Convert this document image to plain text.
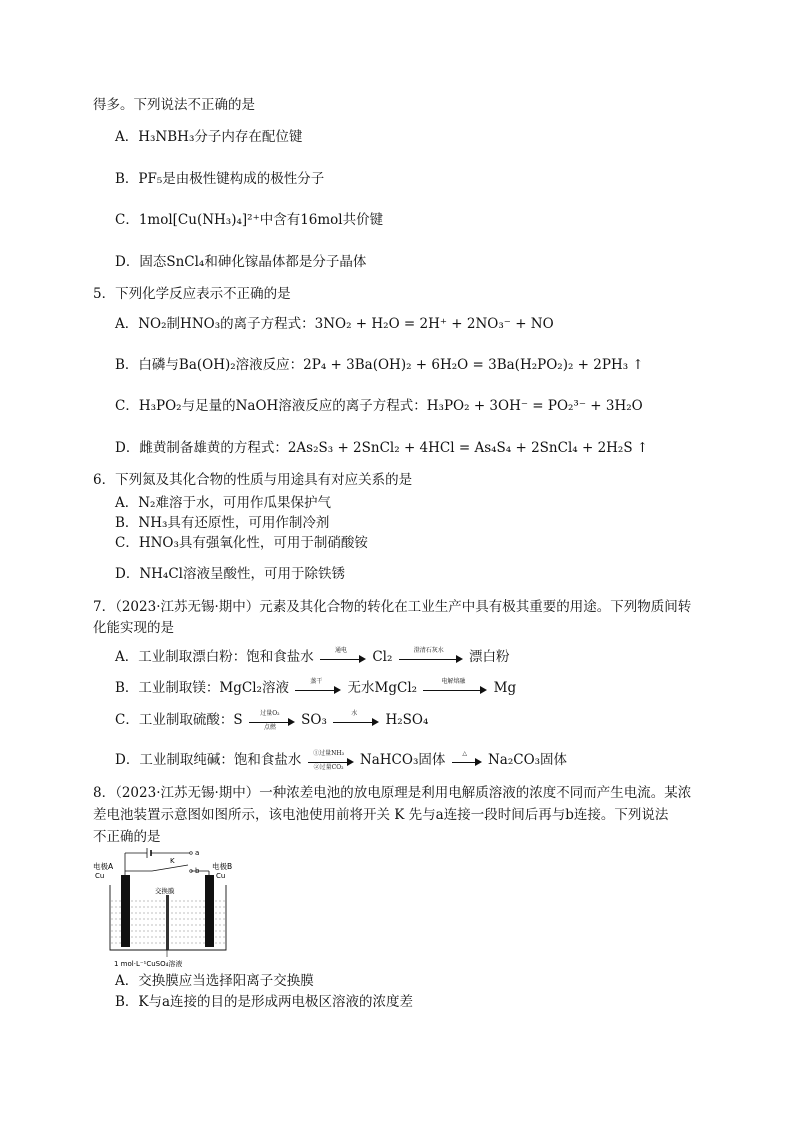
得多。下列说法不正确的是
A．H₃NBH₃分子内存在配位键
B．PF₅是由极性键构成的极性分子
C．1mol[Cu(NH₃)₄]²⁺中含有16mol共价键
D．固态SnCl₄和砷化镓晶体都是分子晶体
5．下列化学反应表示不正确的是
A．NO₂制HNO₃的离子方程式：3NO₂ + H₂O = 2H⁺ + 2NO₃⁻ + NO
B．白磷与Ba(OH)₂溶液反应：2P₄ + 3Ba(OH)₂ + 6H₂O = 3Ba(H₂PO₂)₂ + 2PH₃ ↑
C．H₃PO₂与足量的NaOH溶液反应的离子方程式：H₃PO₂ + 3OH⁻ = PO₂³⁻ + 3H₂O
D．雌黄制备雄黄的方程式：2As₂S₃ + 2SnCl₂ + 4HCl = As₄S₄ + 2SnCl₄ + 2H₂S ↑
6．下列氮及其化合物的性质与用途具有对应关系的是
A．N₂难溶于水，可用作瓜果保护气
B．NH₃具有还原性，可用作制冷剂
C．HNO₃具有强氧化性，可用于制硝酸铵
D．NH₄Cl溶液呈酸性，可用于除铁锈
7．（2023·江苏无锡·期中）元素及其化合物的转化在工业生产中具有极其重要的用途。下列物质间转
化能实现的是
A．工业制取漂白粉：饱和食盐水	通电	Cl₂	澄清石灰水	漂白粉
B．工业制取镁：MgCl₂溶液	蒸干	无水MgCl₂	电解熔融	Mg
C．工业制取硫酸：S	过量O₂
点燃	SO₃	水	H₂SO₄
D．工业制取纯碱：饱和食盐水	①过量NH₃
②过量CO₂	NaHCO₃固体	△	Na₂CO₃固体
8．（2023·江苏无锡·期中）一种浓差电池的放电原理是利用电解质溶液的浓度不同而产生电流。某浓
差电池装置示意图如图所示，该电池使用前将开关 K 先与a连接一段时间后再与b连接。下列说法
不正确的是
a
K
b
电极A
Cu
电极B
Cu
交换膜
1 mol·L⁻¹CuSO₄溶液
A．交换膜应当选择阳离子交换膜
B．K与a连接的目的是形成两电极区溶液的浓度差
